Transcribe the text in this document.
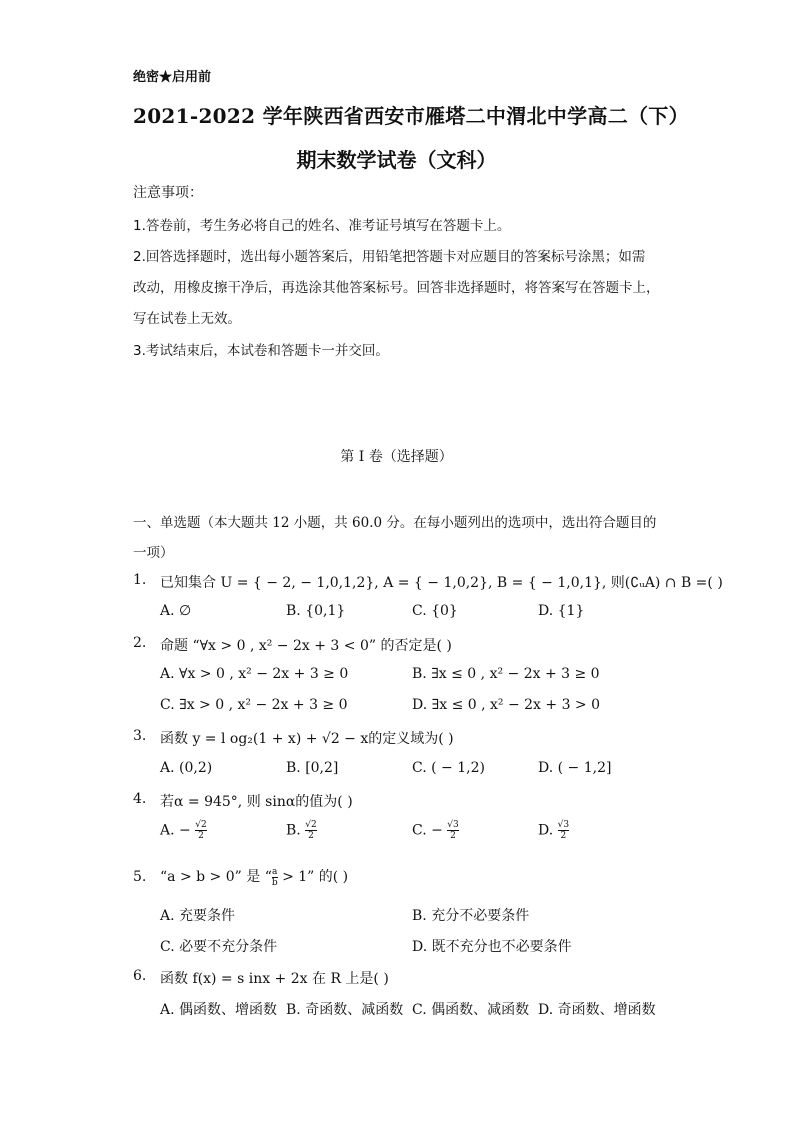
绝密★启用前
2021-2022 学年陕西省西安市雁塔二中渭北中学高二（下）
期末数学试卷（文科）
注意事项：
1.答卷前，考生务必将自己的姓名、准考证号填写在答题卡上。
2.回答选择题时，选出每小题答案后，用铅笔把答题卡对应题目的答案标号涂黑；如需
改动，用橡皮擦干净后，再选涂其他答案标号。回答非选择题时，将答案写在答题卡上，
写在试卷上无效。
3.考试结束后，本试卷和答题卡一并交回。
第 I 卷（选择题）
一、单选题（本大题共 12 小题，共 60.0 分。在每小题列出的选项中，选出符合题目的
一项）
1. 已知集合 U = { − 2, − 1,0,1,2}, A = { − 1,0,2}, B = { − 1,0,1}, 则(∁ᵤA) ∩ B =( )
A. ∅	B. {0,1}	C. {0}	D. {1}
2. 命题 “∀x > 0 , x² − 2x + 3 < 0” 的否定是( )
A. ∀x > 0 , x² − 2x + 3 ≥ 0	B. ∃x ≤ 0 , x² − 2x + 3 ≥ 0
C. ∃x > 0 , x² − 2x + 3 ≥ 0	D. ∃x ≤ 0 , x² − 2x + 3 > 0
3. 函数 y = l og₂(1 + x) + √2 − x的定义域为( )
A. (0,2)	B. [0,2]	C. ( − 1,2)	D. ( − 1,2]
4. 若α = 945°, 则 sinα的值为( )
A. − $\frac{√2}{2}$	B. $\frac{√2}{2}$	C. − $\frac{√3}{2}$	D. $\frac{√3}{2}$
5. “a > b > 0” 是 “ $\frac{a}{b} > 1$” 的( )
A. 充要条件	B. 充分不必要条件
C. 必要不充分条件	D. 既不充分也不必要条件
6. 函数 f(x) = s inx + 2x 在 R 上是( )
A. 偶函数、增函数 B. 奇函数、减函数 C. 偶函数、减函数 D. 奇函数、增函数
